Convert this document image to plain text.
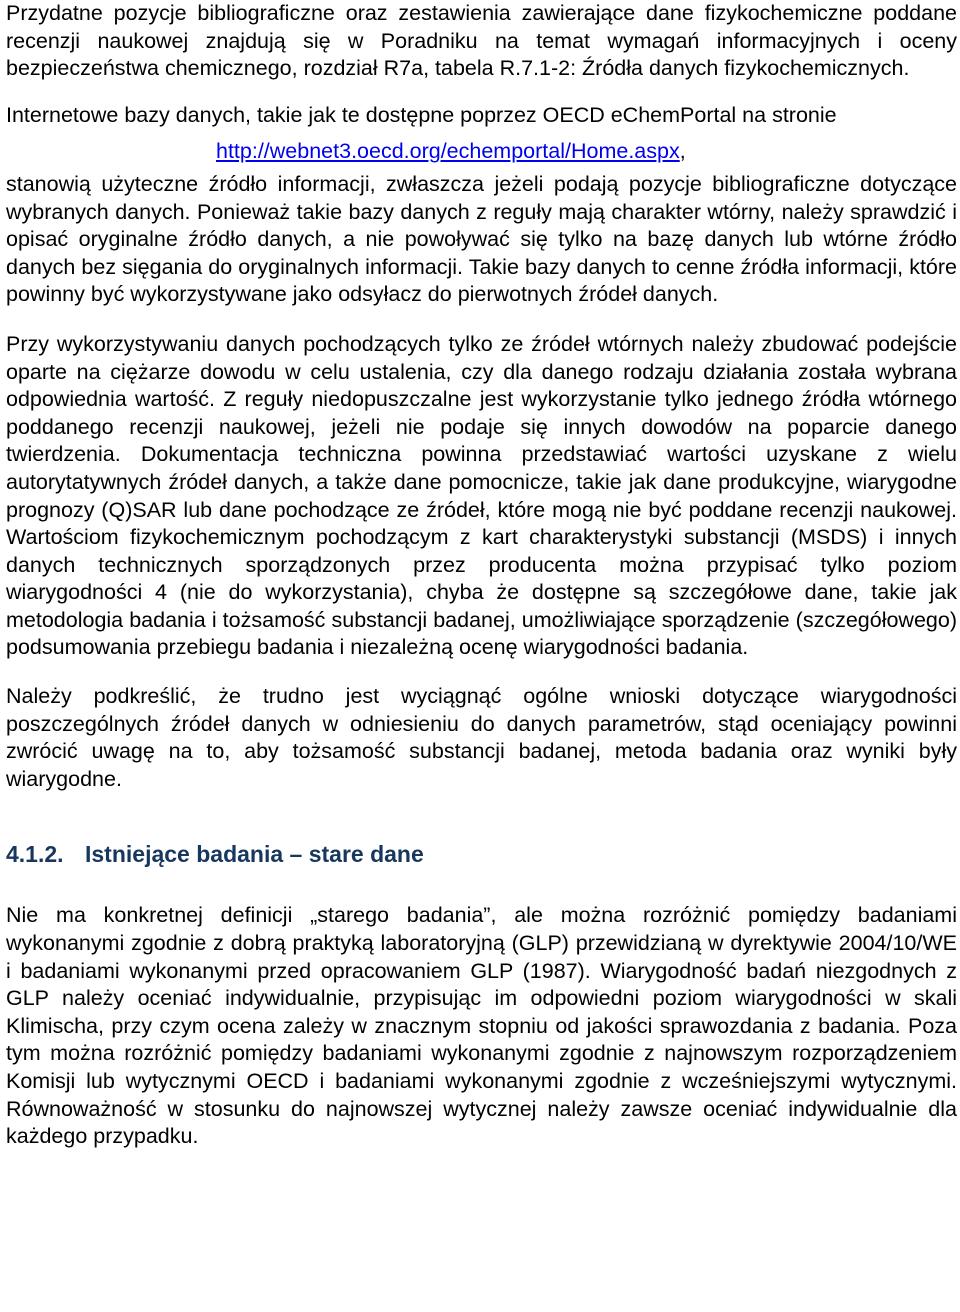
Przydatne pozycje bibliograficzne oraz zestawienia zawierające dane fizykochemiczne poddane recenzji naukowej znajdują się w Poradniku na temat wymagań informacyjnych i oceny bezpieczeństwa chemicznego, rozdział R7a, tabela R.7.1-2: Źródła danych fizykochemicznych.

Internetowe bazy danych, takie jak te dostępne poprzez OECD eChemPortal na stronie
http://webnet3.oecd.org/echemportal/Home.aspx,

stanowią użyteczne źródło informacji, zwłaszcza jeżeli podają pozycje bibliograficzne dotyczące wybranych danych. Ponieważ takie bazy danych z reguły mają charakter wtórny, należy sprawdzić i opisać oryginalne źródło danych, a nie powoływać się tylko na bazę danych lub wtórne źródło danych bez sięgania do oryginalnych informacji. Takie bazy danych to cenne źródła informacji, które powinny być wykorzystywane jako odsyłacz do pierwotnych źródeł danych.

Przy wykorzystywaniu danych pochodzących tylko ze źródeł wtórnych należy zbudować podejście oparte na ciężarze dowodu w celu ustalenia, czy dla danego rodzaju działania została wybrana odpowiednia wartość. Z reguły niedopuszczalne jest wykorzystanie tylko jednego źródła wtórnego poddanego recenzji naukowej, jeżeli nie podaje się innych dowodów na poparcie danego twierdzenia. Dokumentacja techniczna powinna przedstawiać wartości uzyskane z wielu autorytatywnych źródeł danych, a także dane pomocnicze, takie jak dane produkcyjne, wiarygodne prognozy (Q)SAR lub dane pochodzące ze źródeł, które mogą nie być poddane recenzji naukowej. Wartościom fizykochemicznym pochodzącym z kart charakterystyki substancji (MSDS) i innych danych technicznych sporządzonych przez producenta można przypisać tylko poziom wiarygodności 4 (nie do wykorzystania), chyba że dostępne są szczegółowe dane, takie jak metodologia badania i tożsamość substancji badanej, umożliwiające sporządzenie (szczegółowego) podsumowania przebiegu badania i niezależną ocenę wiarygodności badania.

Należy podkreślić, że trudno jest wyciągnąć ogólne wnioski dotyczące wiarygodności poszczególnych źródeł danych w odniesieniu do danych parametrów, stąd oceniający powinni zwrócić uwagę na to, aby tożsamość substancji badanej, metoda badania oraz wyniki były wiarygodne.

4.1.2. Istniejące badania – stare dane

Nie ma konkretnej definicji „starego badania”, ale można rozróżnić pomiędzy badaniami wykonanymi zgodnie z dobrą praktyką laboratoryjną (GLP) przewidzianą w dyrektywie 2004/10/WE i badaniami wykonanymi przed opracowaniem GLP (1987). Wiarygodność badań niezgodnych z GLP należy oceniać indywidualnie, przypisując im odpowiedni poziom wiarygodności w skali Klimischa, przy czym ocena zależy w znacznym stopniu od jakości sprawozdania z badania. Poza tym można rozróżnić pomiędzy badaniami wykonanymi zgodnie z najnowszym rozporządzeniem Komisji lub wytycznymi OECD i badaniami wykonanymi zgodnie z wcześniejszymi wytycznymi. Równoważność w stosunku do najnowszej wytycznej należy zawsze oceniać indywidualnie dla każdego przypadku.
